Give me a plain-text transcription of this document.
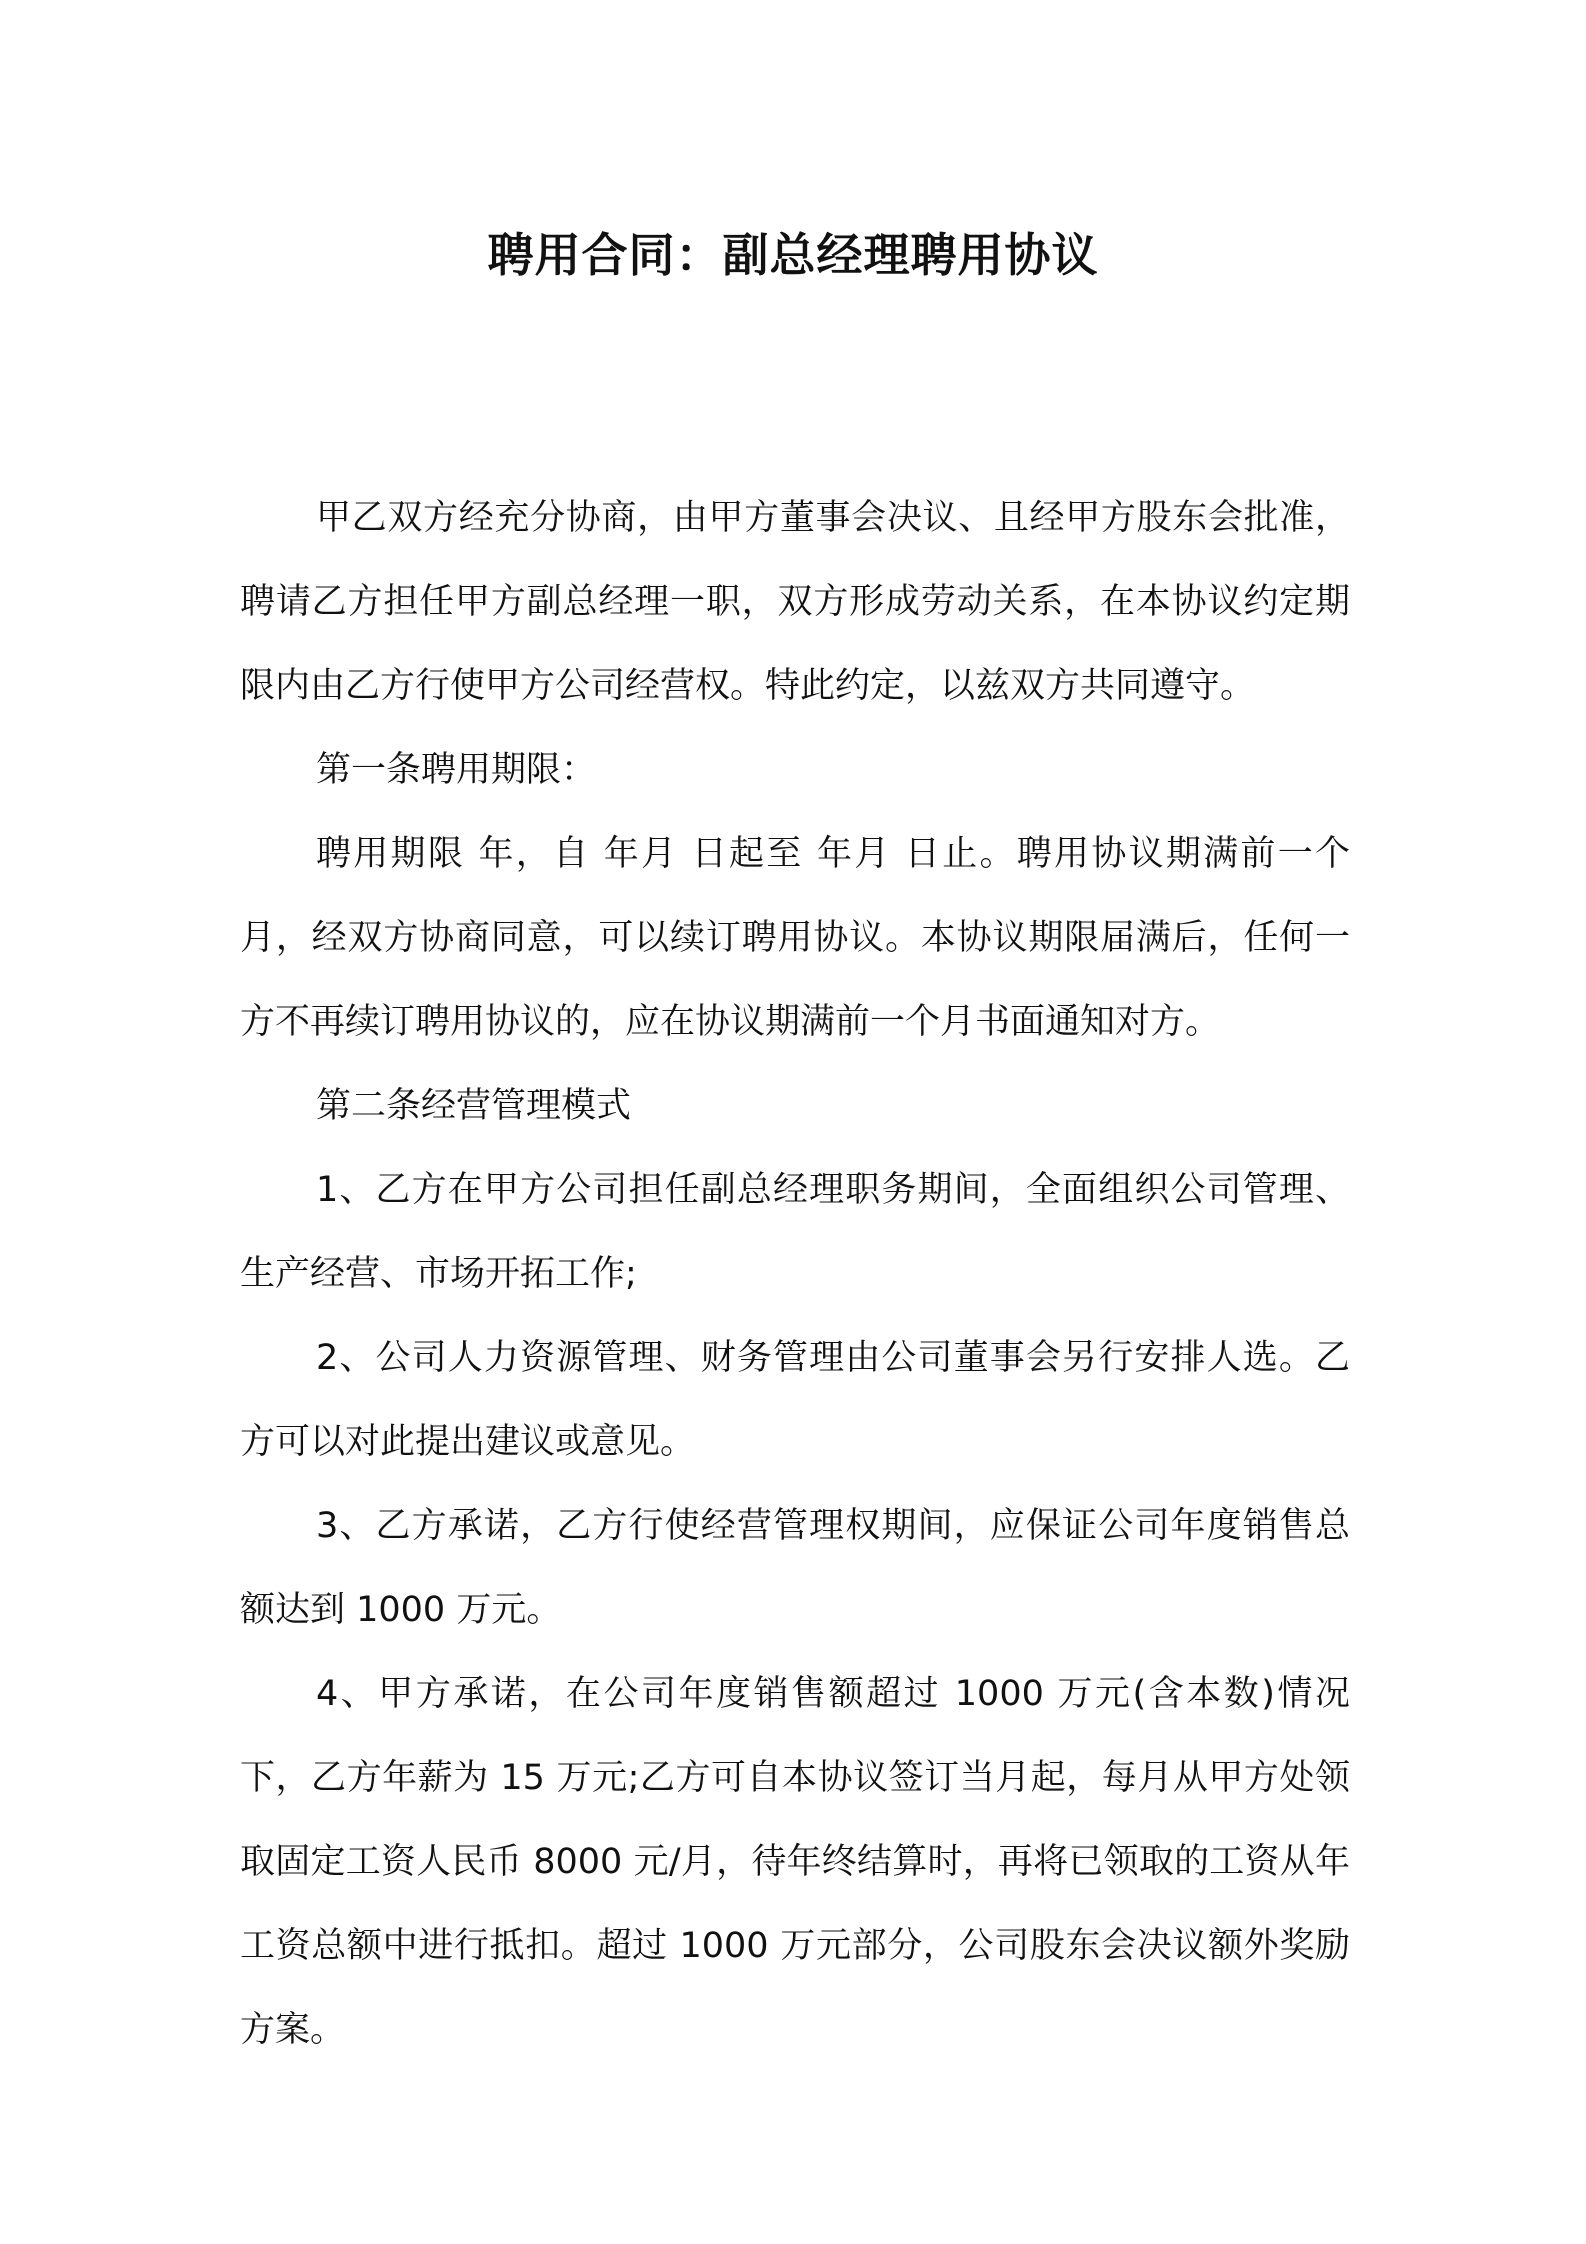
聘用合同：副总经理聘用协议

甲乙双方经充分协商，由甲方董事会决议、且经甲方股东会批准，聘请乙方担任甲方副总经理一职，双方形成劳动关系，在本协议约定期限内由乙方行使甲方公司经营权。特此约定，以兹双方共同遵守。

第一条聘用期限：

聘用期限 年，自 年月 日起至 年月 日止。聘用协议期满前一个月，经双方协商同意，可以续订聘用协议。本协议期限届满后，任何一方不再续订聘用协议的，应在协议期满前一个月书面通知对方。

第二条经营管理模式

1、乙方在甲方公司担任副总经理职务期间，全面组织公司管理、生产经营、市场开拓工作;

2、公司人力资源管理、财务管理由公司董事会另行安排人选。乙方可以对此提出建议或意见。

3、乙方承诺，乙方行使经营管理权期间，应保证公司年度销售总额达到 1000 万元。

4、甲方承诺，在公司年度销售额超过 1000 万元(含本数)情况下，乙方年薪为 15 万元;乙方可自本协议签订当月起，每月从甲方处领取固定工资人民币 8000 元/月，待年终结算时，再将已领取的工资从年工资总额中进行抵扣。超过 1000 万元部分，公司股东会决议额外奖励方案。
